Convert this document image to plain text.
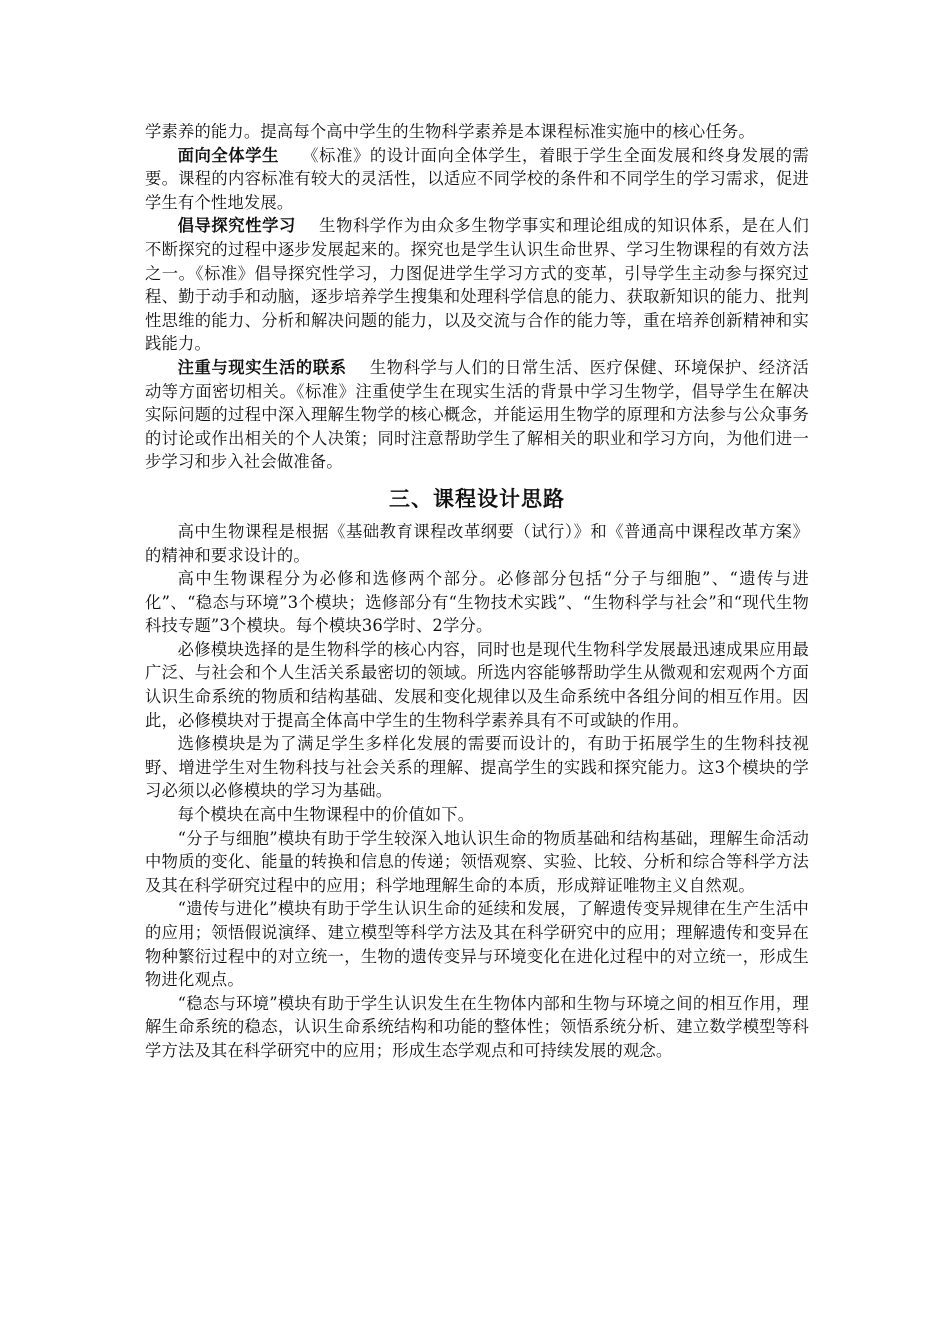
学素养的能力。提高每个高中学生的生物科学素养是本课程标准实施中的核心任务。

面向全体学生 《标准》的设计面向全体学生，着眼于学生全面发展和终身发展的需要。课程的内容标准有较大的灵活性，以适应不同学校的条件和不同学生的学习需求，促进学生有个性地发展。

倡导探究性学习 生物科学作为由众多生物学事实和理论组成的知识体系，是在人们不断探究的过程中逐步发展起来的。探究也是学生认识生命世界、学习生物课程的有效方法之一。《标准》倡导探究性学习，力图促进学生学习方式的变革，引导学生主动参与探究过程、勤于动手和动脑，逐步培养学生搜集和处理科学信息的能力、获取新知识的能力、批判性思维的能力、分析和解决问题的能力，以及交流与合作的能力等，重在培养创新精神和实践能力。

注重与现实生活的联系 生物科学与人们的日常生活、医疗保健、环境保护、经济活动等方面密切相关。《标准》注重使学生在现实生活的背景中学习生物学，倡导学生在解决实际问题的过程中深入理解生物学的核心概念，并能运用生物学的原理和方法参与公众事务的讨论或作出相关的个人决策；同时注意帮助学生了解相关的职业和学习方向，为他们进一步学习和步入社会做准备。

三、课程设计思路

高中生物课程是根据《基础教育课程改革纲要（试行）》和《普通高中课程改革方案》的精神和要求设计的。

高中生物课程分为必修和选修两个部分。必修部分包括“分子与细胞”、“遗传与进化”、“稳态与环境”3个模块；选修部分有“生物技术实践”、“生物科学与社会”和“现代生物科技专题”3个模块。每个模块36学时、2学分。

必修模块选择的是生物科学的核心内容，同时也是现代生物科学发展最迅速成果应用最广泛、与社会和个人生活关系最密切的领域。所选内容能够帮助学生从微观和宏观两个方面认识生命系统的物质和结构基础、发展和变化规律以及生命系统中各组分间的相互作用。因此，必修模块对于提高全体高中学生的生物科学素养具有不可或缺的作用。

选修模块是为了满足学生多样化发展的需要而设计的，有助于拓展学生的生物科技视野、增进学生对生物科技与社会关系的理解、提高学生的实践和探究能力。这3个模块的学习必须以必修模块的学习为基础。

每个模块在高中生物课程中的价值如下。

“分子与细胞”模块有助于学生较深入地认识生命的物质基础和结构基础，理解生命活动中物质的变化、能量的转换和信息的传递；领悟观察、实验、比较、分析和综合等科学方法及其在科学研究过程中的应用；科学地理解生命的本质，形成辩证唯物主义自然观。

“遗传与进化”模块有助于学生认识生命的延续和发展，了解遗传变异规律在生产生活中的应用；领悟假说演绎、建立模型等科学方法及其在科学研究中的应用；理解遗传和变异在物种繁衍过程中的对立统一，生物的遗传变异与环境变化在进化过程中的对立统一，形成生物进化观点。

“稳态与环境”模块有助于学生认识发生在生物体内部和生物与环境之间的相互作用，理解生命系统的稳态，认识生命系统结构和功能的整体性；领悟系统分析、建立数学模型等科学方法及其在科学研究中的应用；形成生态学观点和可持续发展的观念。
